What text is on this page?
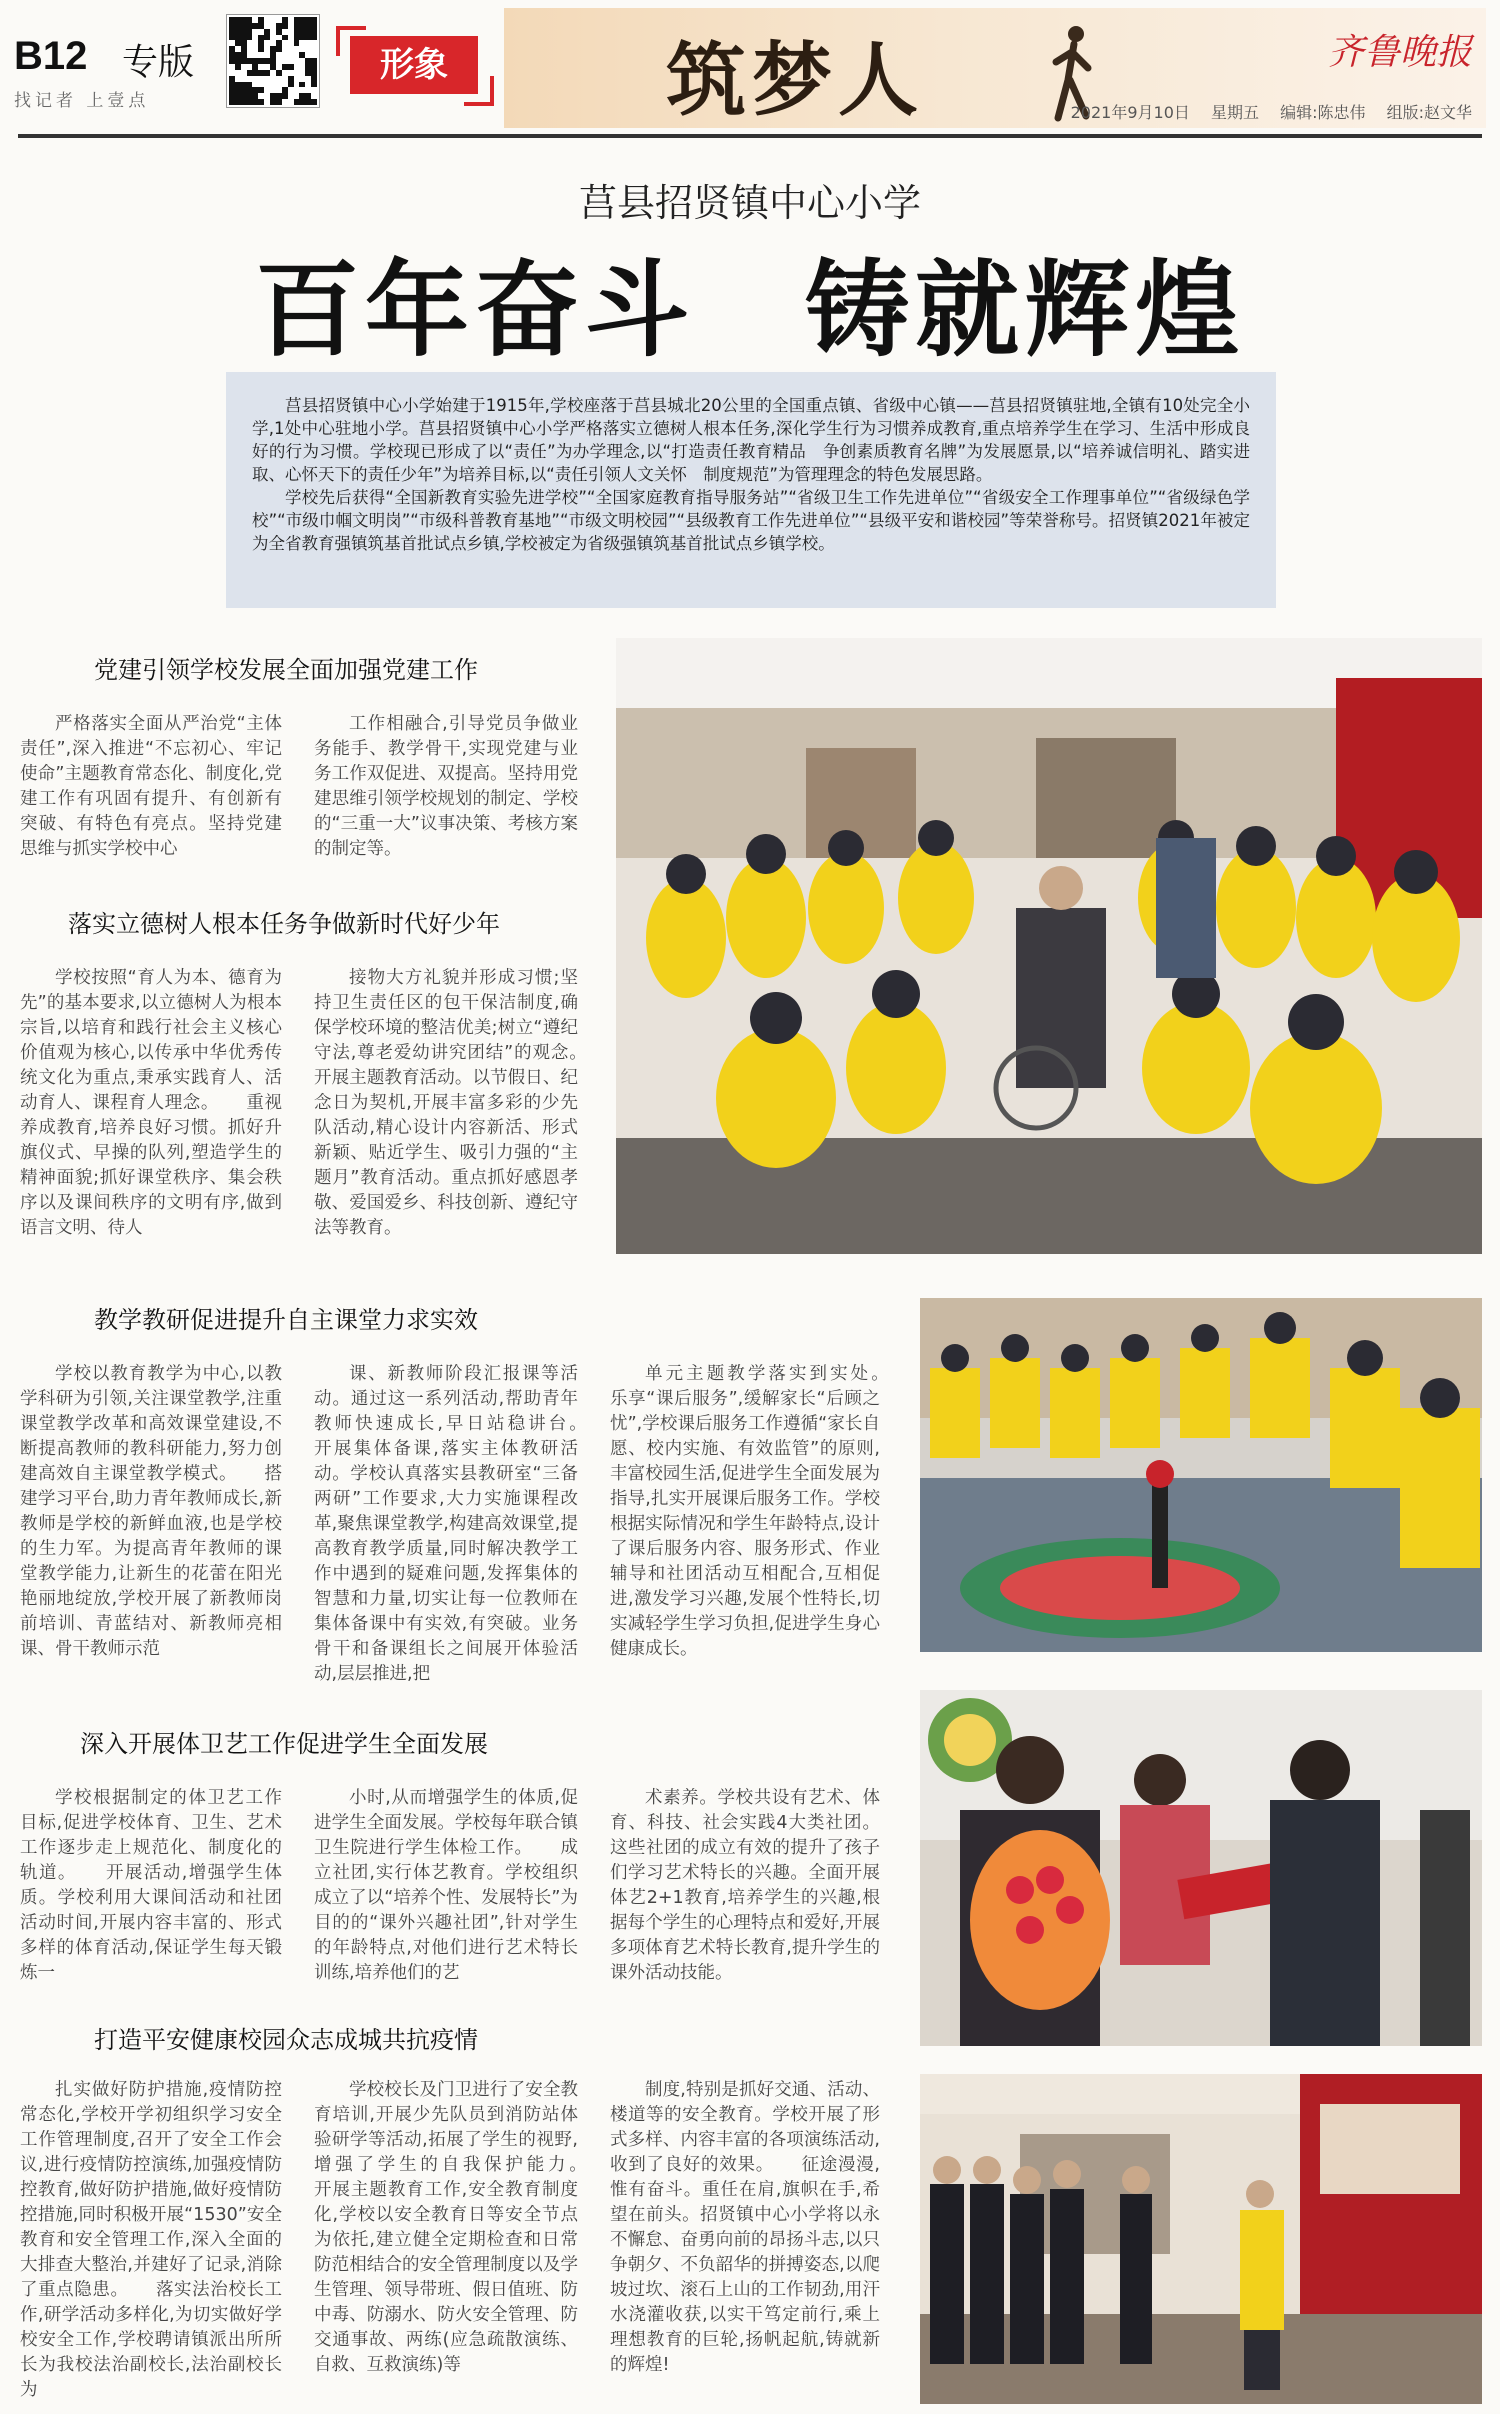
B12 专版
找记者 上壹点
形象	筑梦人	齐鲁晚报
2021年9月10日　 星期五　 编辑:陈忠伟　 组版:赵文华
莒县招贤镇中心小学
百年奋斗　铸就辉煌

莒县招贤镇中心小学始建于1915年,学校座落于莒县城北20公里的全国重点镇、省级中心镇——莒县招贤镇驻地,全镇有10处完全小学,1处中心驻地小学。莒县招贤镇中心小学严格落实立德树人根本任务,深化学生行为习惯养成教育,重点培养学生在学习、生活中形成良好的行为习惯。学校现已形成了以“责任”为办学理念,以“打造责任教育精品　争创素质教育名牌”为发展愿景,以“培养诚信明礼、踏实进取、心怀天下的责任少年”为培养目标,以“责任引领人文关怀　制度规范”为管理理念的特色发展思路。

学校先后获得“全国新教育实验先进学校”“全国家庭教育指导服务站”“省级卫生工作先进单位”“省级安全工作理事单位”“省级绿色学校”“市级巾帼文明岗”“市级科普教育基地”“市级文明校园”“县级教育工作先进单位”“县级平安和谐校园”等荣誉称号。招贤镇2021年被定为全省教育强镇筑基首批试点乡镇,学校被定为省级强镇筑基首批试点乡镇学校。

党建引领学校发展全面加强党建工作

严格落实全面从严治党“主体责任”,深入推进“不忘初心、牢记使命”主题教育常态化、制度化,党建工作有巩固有提升、有创新有突破、有特色有亮点。坚持党建思维与抓实学校中心

工作相融合,引导党员争做业务能手、教学骨干,实现党建与业务工作双促进、双提高。坚持用党建思维引领学校规划的制定、学校的“三重一大”议事决策、考核方案的制定等。

落实立德树人根本任务争做新时代好少年

学校按照“育人为本、德育为先”的基本要求,以立德树人为根本宗旨,以培育和践行社会主义核心价值观为核心,以传承中华优秀传统文化为重点,秉承实践育人、活动育人、课程育人理念。　　重视养成教育,培养良好习惯。抓好升旗仪式、早操的队列,塑造学生的精神面貌;抓好课堂秩序、集会秩序以及课间秩序的文明有序,做到语言文明、待人

接物大方礼貌并形成习惯;坚持卫生责任区的包干保洁制度,确保学校环境的整洁优美;树立“遵纪守法,尊老爱幼讲究团结”的观念。　　开展主题教育活动。以节假日、纪念日为契机,开展丰富多彩的少先队活动,精心设计内容新活、形式新颖、贴近学生、吸引力强的“主题月”教育活动。重点抓好感恩孝敬、爱国爱乡、科技创新、遵纪守法等教育。

教学教研促进提升自主课堂力求实效

学校以教育教学为中心,以教学科研为引领,关注课堂教学,注重课堂教学改革和高效课堂建设,不断提高教师的教科研能力,努力创建高效自主课堂教学模式。　　搭建学习平台,助力青年教师成长,新教师是学校的新鲜血液,也是学校的生力军。为提高青年教师的课堂教学能力,让新生的花蕾在阳光艳丽地绽放,学校开展了新教师岗前培训、青蓝结对、新教师亮相课、骨干教师示范

课、新教师阶段汇报课等活动。通过这一系列活动,帮助青年教师快速成长,早日站稳讲台。　　开展集体备课,落实主体教研活动。学校认真落实县教研室“三备两研”工作要求,大力实施课程改革,聚焦课堂教学,构建高效课堂,提高教育教学质量,同时解决教学工作中遇到的疑难问题,发挥集体的智慧和力量,切实让每一位教师在集体备课中有实效,有突破。业务骨干和备课组长之间展开体验活动,层层推进,把

单元主题教学落实到实处。　　乐享“课后服务”,缓解家长“后顾之忧”,学校课后服务工作遵循“家长自愿、校内实施、有效监管”的原则,丰富校园生活,促进学生全面发展为指导,扎实开展课后服务工作。学校根据实际情况和学生年龄特点,设计了课后服务内容、服务形式、作业辅导和社团活动互相配合,互相促进,激发学习兴趣,发展个性特长,切实减轻学生学习负担,促进学生身心健康成长。

深入开展体卫艺工作促进学生全面发展

学校根据制定的体卫艺工作目标,促进学校体育、卫生、艺术工作逐步走上规范化、制度化的轨道。　　开展活动,增强学生体质。学校利用大课间活动和社团活动时间,开展内容丰富的、形式多样的体育活动,保证学生每天锻炼一

小时,从而增强学生的体质,促进学生全面发展。学校每年联合镇卫生院进行学生体检工作。　　成立社团,实行体艺教育。学校组织成立了以“培养个性、发展特长”为目的的“课外兴趣社团”,针对学生的年龄特点,对他们进行艺术特长训练,培养他们的艺

术素养。学校共设有艺术、体育、科技、社会实践4大类社团。这些社团的成立有效的提升了孩子们学习艺术特长的兴趣。全面开展体艺2+1教育,培养学生的兴趣,根据每个学生的心理特点和爱好,开展多项体育艺术特长教育,提升学生的课外活动技能。

打造平安健康校园众志成城共抗疫情

扎实做好防护措施,疫情防控常态化,学校开学初组织学习安全工作管理制度,召开了安全工作会议,进行疫情防控演练,加强疫情防控教育,做好防护措施,做好疫情防控措施,同时积极开展“1530”安全教育和安全管理工作,深入全面的大排查大整治,并建好了记录,消除了重点隐患。　　落实法治校长工作,研学活动多样化,为切实做好学校安全工作,学校聘请镇派出所所长为我校法治副校长,法治副校长为

学校校长及门卫进行了安全教育培训,开展少先队员到消防站体验研学等活动,拓展了学生的视野,增强了学生的自我保护能力。　　开展主题教育工作,安全教育制度化,学校以安全教育日等安全节点为依托,建立健全定期检查和日常防范相结合的安全管理制度以及学生管理、领导带班、假日值班、防中毒、防溺水、防火安全管理、防交通事故、两练(应急疏散演练、自救、互救演练)等

制度,特别是抓好交通、活动、楼道等的安全教育。学校开展了形式多样、内容丰富的各项演练活动,收到了良好的效果。　　征途漫漫,惟有奋斗。重任在肩,旗帜在手,希望在前头。招贤镇中心小学将以永不懈怠、奋勇向前的昂扬斗志,以只争朝夕、不负韶华的拼搏姿态,以爬坡过坎、滚石上山的工作韧劲,用汗水浇灌收获,以实干笃定前行,乘上理想教育的巨轮,扬帆起航,铸就新的辉煌!
